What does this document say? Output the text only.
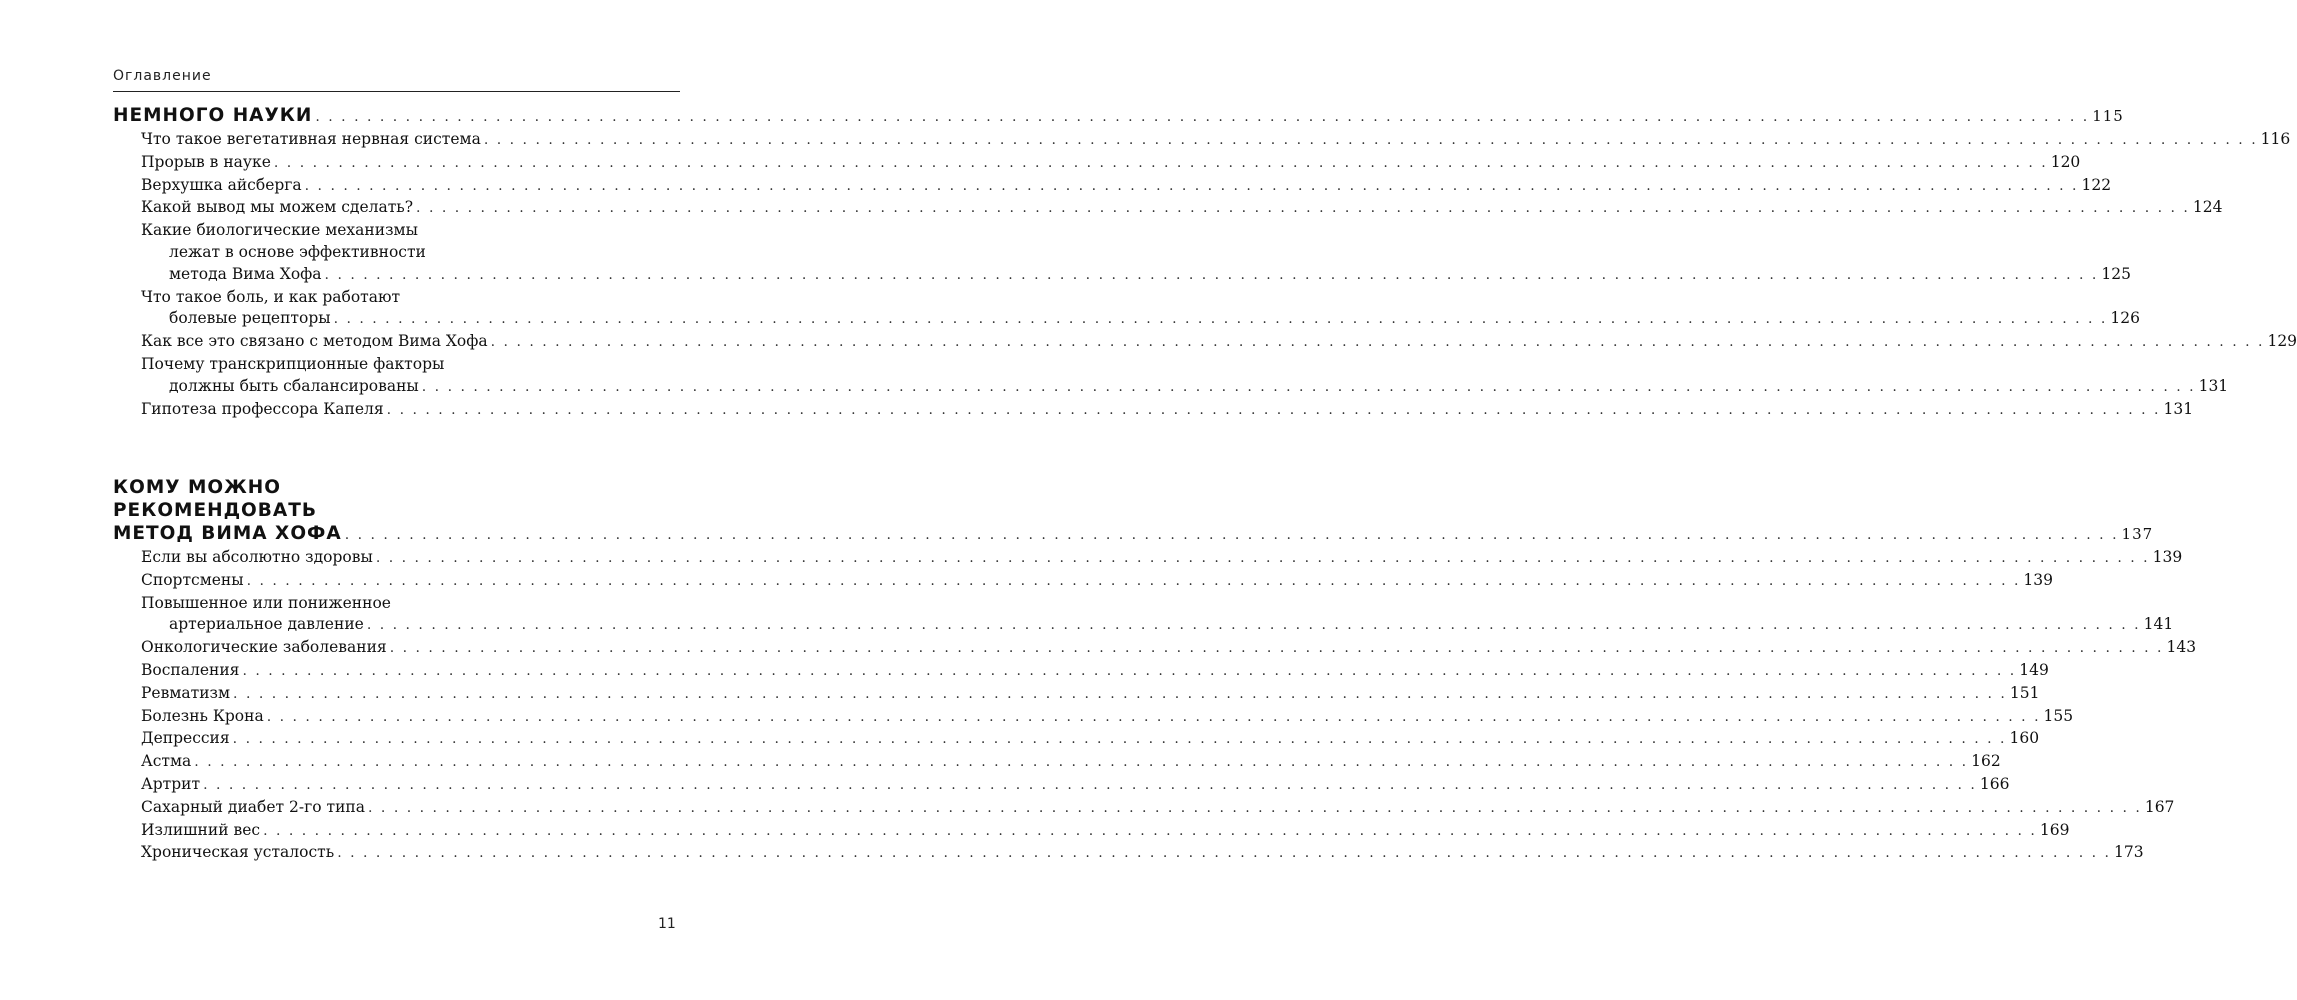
Оглавление
НЕМНОГО НАУКИ . . .	115
Что такое вегетативная нервная система . . .	116
Прорыв в науке . . .	120
Верхушка айсберга . . .	122
Какой вывод мы можем сделать? . . .	124
Какие биологические механизмы
лежат в основе эффективности
метода Вима Хофа . . .	125
Что такое боль, и как работают
болевые рецепторы . . .	126
Как все это связано с методом Вима Хофа . . .	129
Почему транскрипционные факторы
должны быть сбалансированы . . .	131
Гипотеза профессора Капеля . . .	131
КОМУ МОЖНО
РЕКОМЕНДОВАТЬ
МЕТОД ВИМА ХОФА . . .	137
Если вы абсолютно здоровы . . .	139
Спортсмены . . .	139
Повышенное или пониженное
артериальное давление . . .	141
Онкологические заболевания . . .	143
Воспаления . . .	149
Ревматизм . . .	151
Болезнь Крона . . .	155
Депрессия . . .	160
Астма . . .	162
Артрит . . .	166
Сахарный диабет 2-го типа . . .	167
Излишний вес . . .	169
Хроническая усталость . . .	173
11
